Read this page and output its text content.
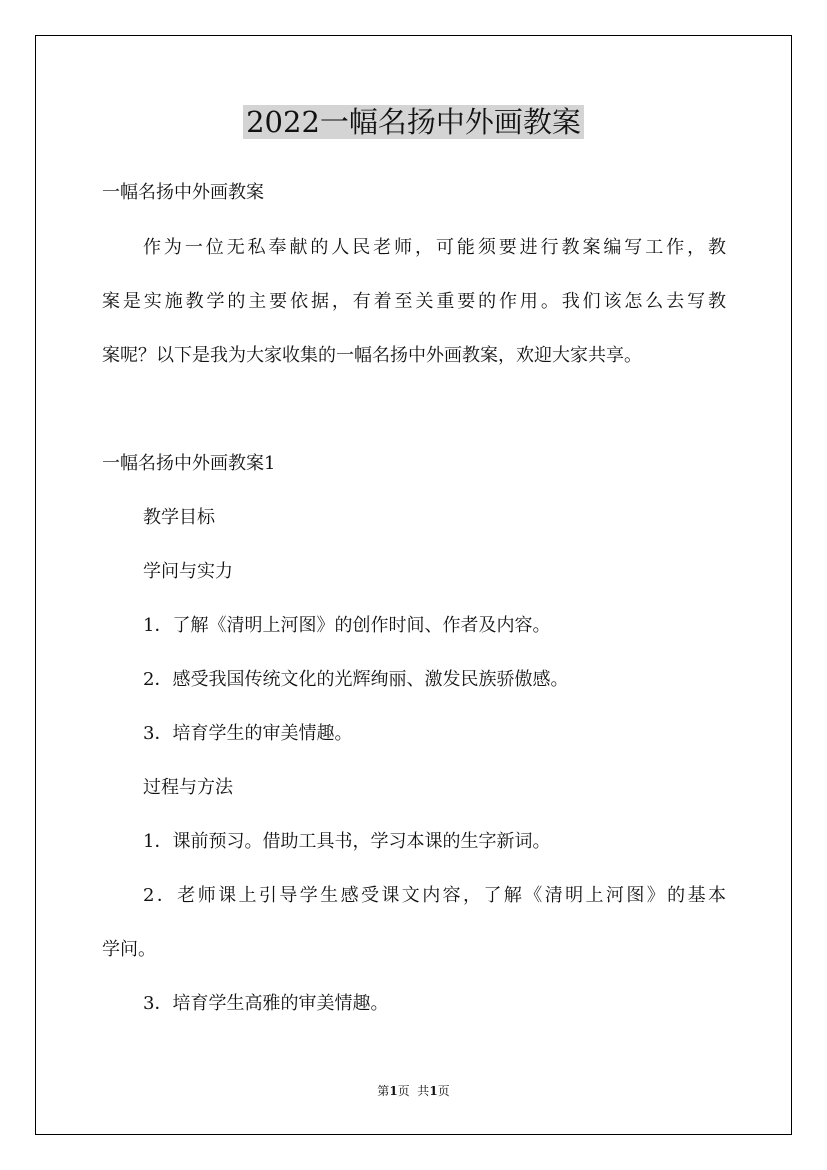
2022一幅名扬中外画教案
一幅名扬中外画教案
作为一位无私奉献的人民老师，可能须要进行教案编写工作，教
案是实施教学的主要依据，有着至关重要的作用。我们该怎么去写教
案呢？以下是我为大家收集的一幅名扬中外画教案，欢迎大家共享。
一幅名扬中外画教案1
教学目标
学问与实力
1．了解《清明上河图》的创作时间、作者及内容。
2．感受我国传统文化的光辉绚丽、激发民族骄傲感。
3．培育学生的审美情趣。
过程与方法
1．课前预习。借助工具书，学习本课的生字新词。
2．老师课上引导学生感受课文内容，了解《清明上河图》的基本
学问。
3．培育学生高雅的审美情趣。
第1页  共1页
